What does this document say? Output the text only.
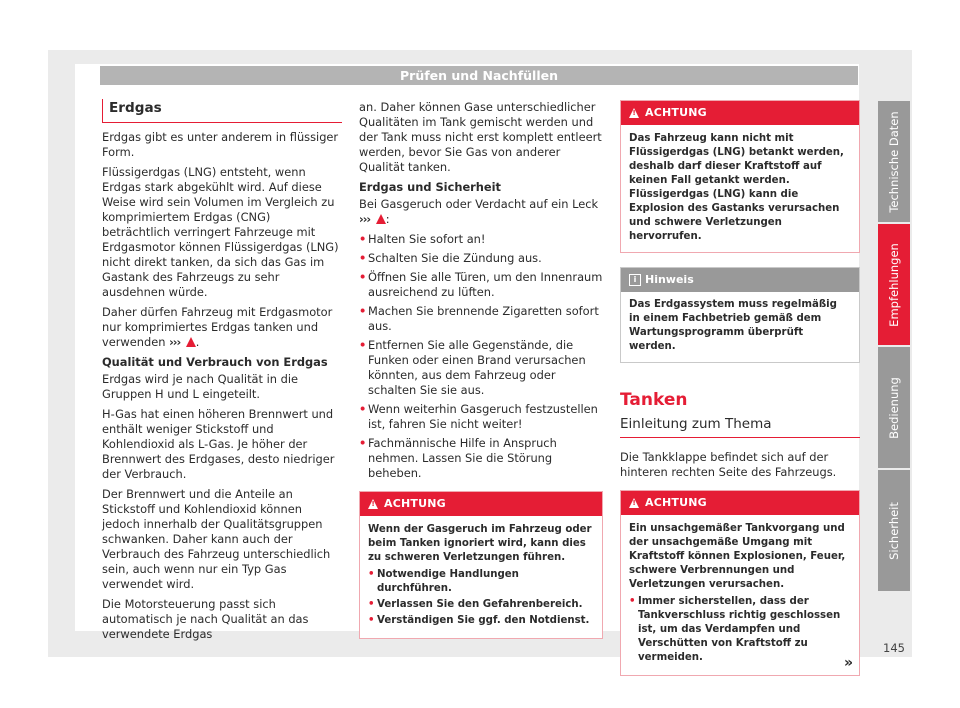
Prüfen und Nachfüllen
Technische Daten
Empfehlungen
Bedienung
Sicherheit
145
Erdgas

Erdgas gibt es unter anderem in flüssiger Form.

Flüssigerdgas (LNG) entsteht, wenn Erdgas stark abgekühlt wird. Auf diese Weise wird sein Volumen im Vergleich zu komprimiertem Erdgas (CNG) beträchtlich verringert Fahrzeuge mit Erdgasmotor können Flüssigerdgas (LNG) nicht direkt tanken, da sich das Gas im Gastank des Fahrzeugs zu sehr ausdehnen würde.

Daher dürfen Fahrzeug mit Erdgasmotor nur komprimiertes Erdgas tanken und verwenden ››› .

Qualität und Verbrauch von Erdgas

Erdgas wird je nach Qualität in die Gruppen H und L eingeteilt.

H-Gas hat einen höheren Brennwert und enthält weniger Stickstoff und Kohlendioxid als L-Gas. Je höher der Brennwert des Erdgases, desto niedriger der Verbrauch.

Der Brennwert und die Anteile an Stickstoff und Kohlendioxid können jedoch innerhalb der Qualitätsgruppen schwanken. Daher kann auch der Verbrauch des Fahrzeug unterschiedlich sein, auch wenn nur ein Typ Gas verwendet wird.

Die Motorsteuerung passt sich automatisch je nach Qualität an das verwendete Erdgas

an. Daher können Gase unterschiedlicher Qualitäten im Tank gemischt werden und der Tank muss nicht erst komplett entleert werden, bevor Sie Gas von anderer Qualität tanken.

Erdgas und Sicherheit

Bei Gasgeruch oder Verdacht auf ein Leck
››› :

• Halten Sie sofort an!
• Schalten Sie die Zündung aus.
• Öffnen Sie alle Türen, um den Innenraum ausreichend zu lüften.
• Machen Sie brennende Zigaretten sofort aus.
• Entfernen Sie alle Gegenstände, die Funken oder einen Brand verursachen könnten, aus dem Fahrzeug oder schalten Sie sie aus.
• Wenn weiterhin Gasgeruch festzustellen ist, fahren Sie nicht weiter!
• Fachmännische Hilfe in Anspruch nehmen. Lassen Sie die Störung beheben.
!
ACHTUNG
Wenn der Gasgeruch im Fahrzeug oder beim Tanken ignoriert wird, kann dies zu schweren Verletzungen führen.
• Notwendige Handlungen durchführen.
• Verlassen Sie den Gefahrenbereich.
• Verständigen Sie ggf. den Notdienst.
!
ACHTUNG
Das Fahrzeug kann nicht mit Flüssigerdgas (LNG) betankt werden, deshalb darf dieser Kraftstoff auf keinen Fall getankt werden. Flüssigerdgas (LNG) kann die Explosion des Gastanks verursachen und schwere Verletzungen hervorrufen.
i Hinweis
Das Erdgassystem muss regelmäßig in einem Fachbetrieb gemäß dem Wartungsprogramm überprüft werden.

Tanken

Einleitung zum Thema

Die Tankklappe befindet sich auf der hinteren rechten Seite des Fahrzeugs.

!
ACHTUNG
Ein unsachgemäßer Tankvorgang und der unsachgemäße Umgang mit Kraftstoff können Explosionen, Feuer, schwere Verbrennungen und Verletzungen verursachen.
• Immer sicherstellen, dass der Tankverschluss richtig geschlossen ist, um das Verdampfen und Verschütten von Kraftstoff zu vermeiden.	»
